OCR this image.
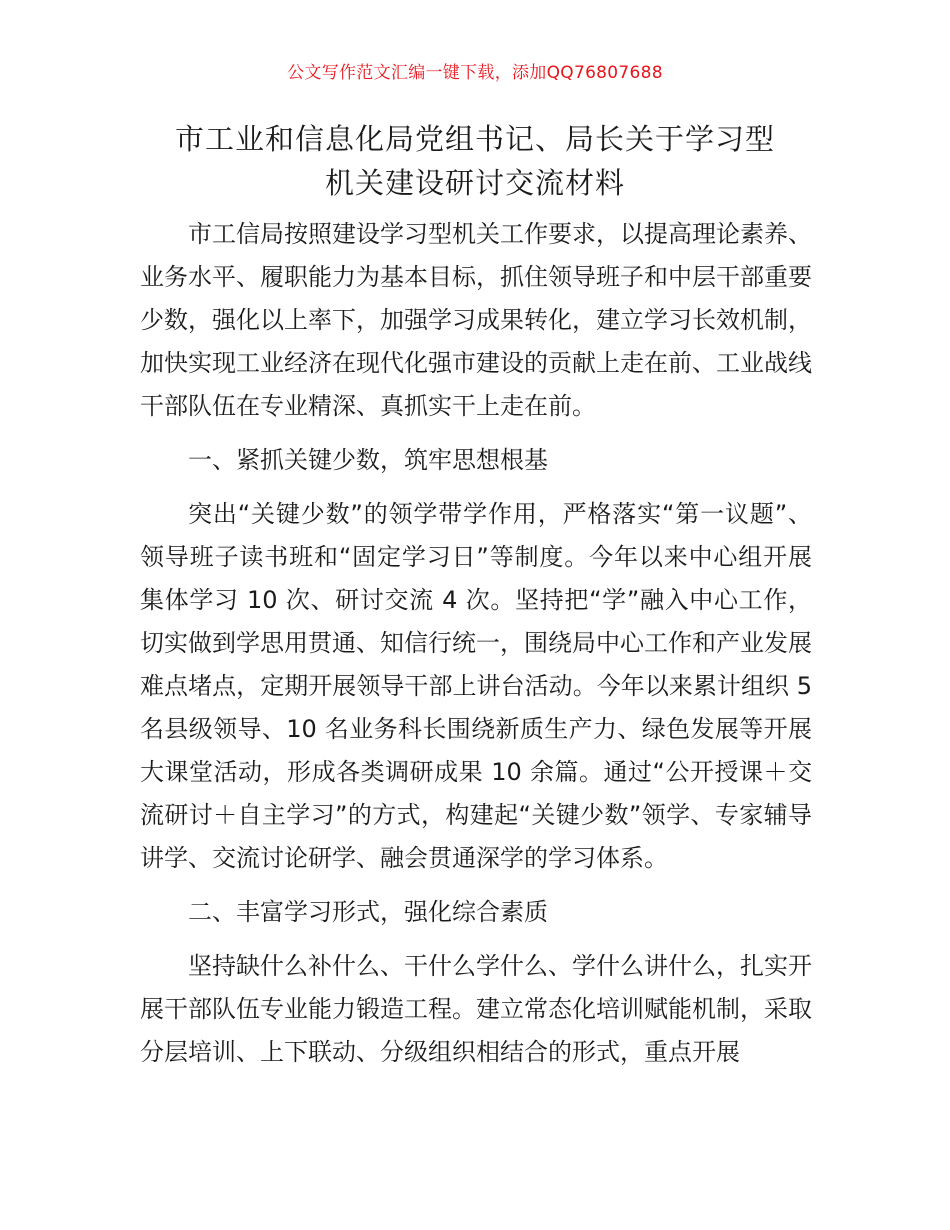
公文写作范文汇编一键下载，添加QQ76807688
市工业和信息化局党组书记、局长关于学习型
机关建设研讨交流材料

市工信局按照建设学习型机关工作要求，以提高理论素养、业务水平、履职能力为基本目标，抓住领导班子和中层干部重要少数，强化以上率下，加强学习成果转化，建立学习长效机制，加快实现工业经济在现代化强市建设的贡献上走在前、工业战线干部队伍在专业精深、真抓实干上走在前。

一、紧抓关键少数，筑牢思想根基

突出“关键少数”的领学带学作用，严格落实“第一议题”、领导班子读书班和“固定学习日”等制度。今年以来中心组开展集体学习 10 次、研讨交流 4 次。坚持把“学”融入中心工作，切实做到学思用贯通、知信行统一，围绕局中心工作和产业发展难点堵点，定期开展领导干部上讲台活动。今年以来累计组织 5 名县级领导、10 名业务科长围绕新质生产力、绿色发展等开展大课堂活动，形成各类调研成果 10 余篇。通过“公开授课＋交流研讨＋自主学习”的方式，构建起“关键少数”领学、专家辅导讲学、交流讨论研学、融会贯通深学的学习体系。

二、丰富学习形式，强化综合素质

坚持缺什么补什么、干什么学什么、学什么讲什么，扎实开展干部队伍专业能力锻造工程。建立常态化培训赋能机制，采取分层培训、上下联动、分级组织相结合的形式，重点开展
